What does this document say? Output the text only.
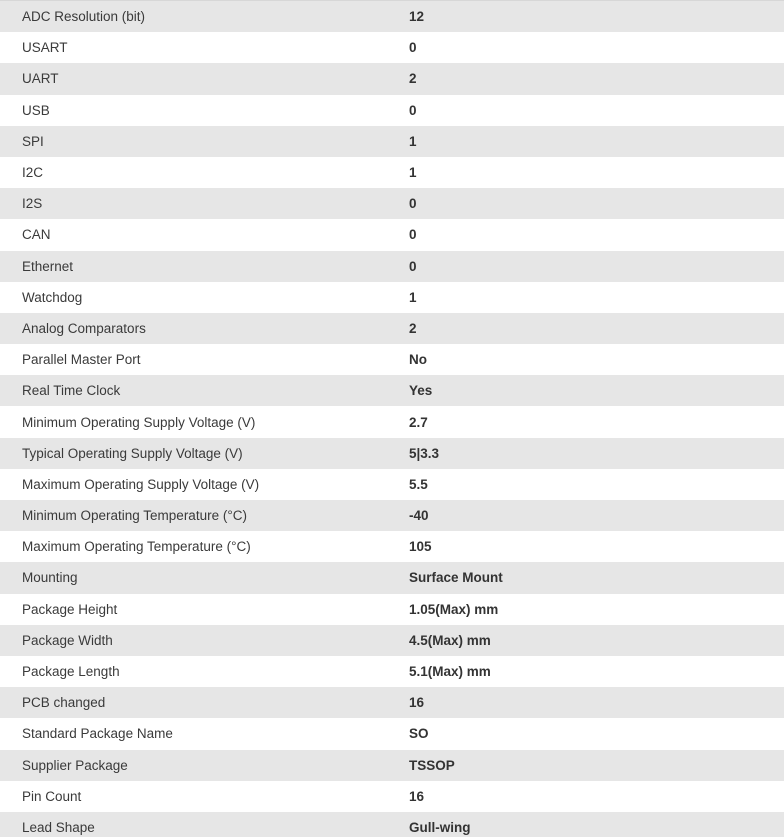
ADC Resolution (bit)	12
USART	0
UART	2
USB	0
SPI	1
I2C	1
I2S	0
CAN	0
Ethernet	0
Watchdog	1
Analog Comparators	2
Parallel Master Port	No
Real Time Clock	Yes
Minimum Operating Supply Voltage (V)	2.7
Typical Operating Supply Voltage (V)	5|3.3
Maximum Operating Supply Voltage (V)	5.5
Minimum Operating Temperature (°C)	-40
Maximum Operating Temperature (°C)	105
Mounting	Surface Mount
Package Height	1.05(Max) mm
Package Width	4.5(Max) mm
Package Length	5.1(Max) mm
PCB changed	16
Standard Package Name	SO
Supplier Package	TSSOP
Pin Count	16
Lead Shape	Gull-wing
